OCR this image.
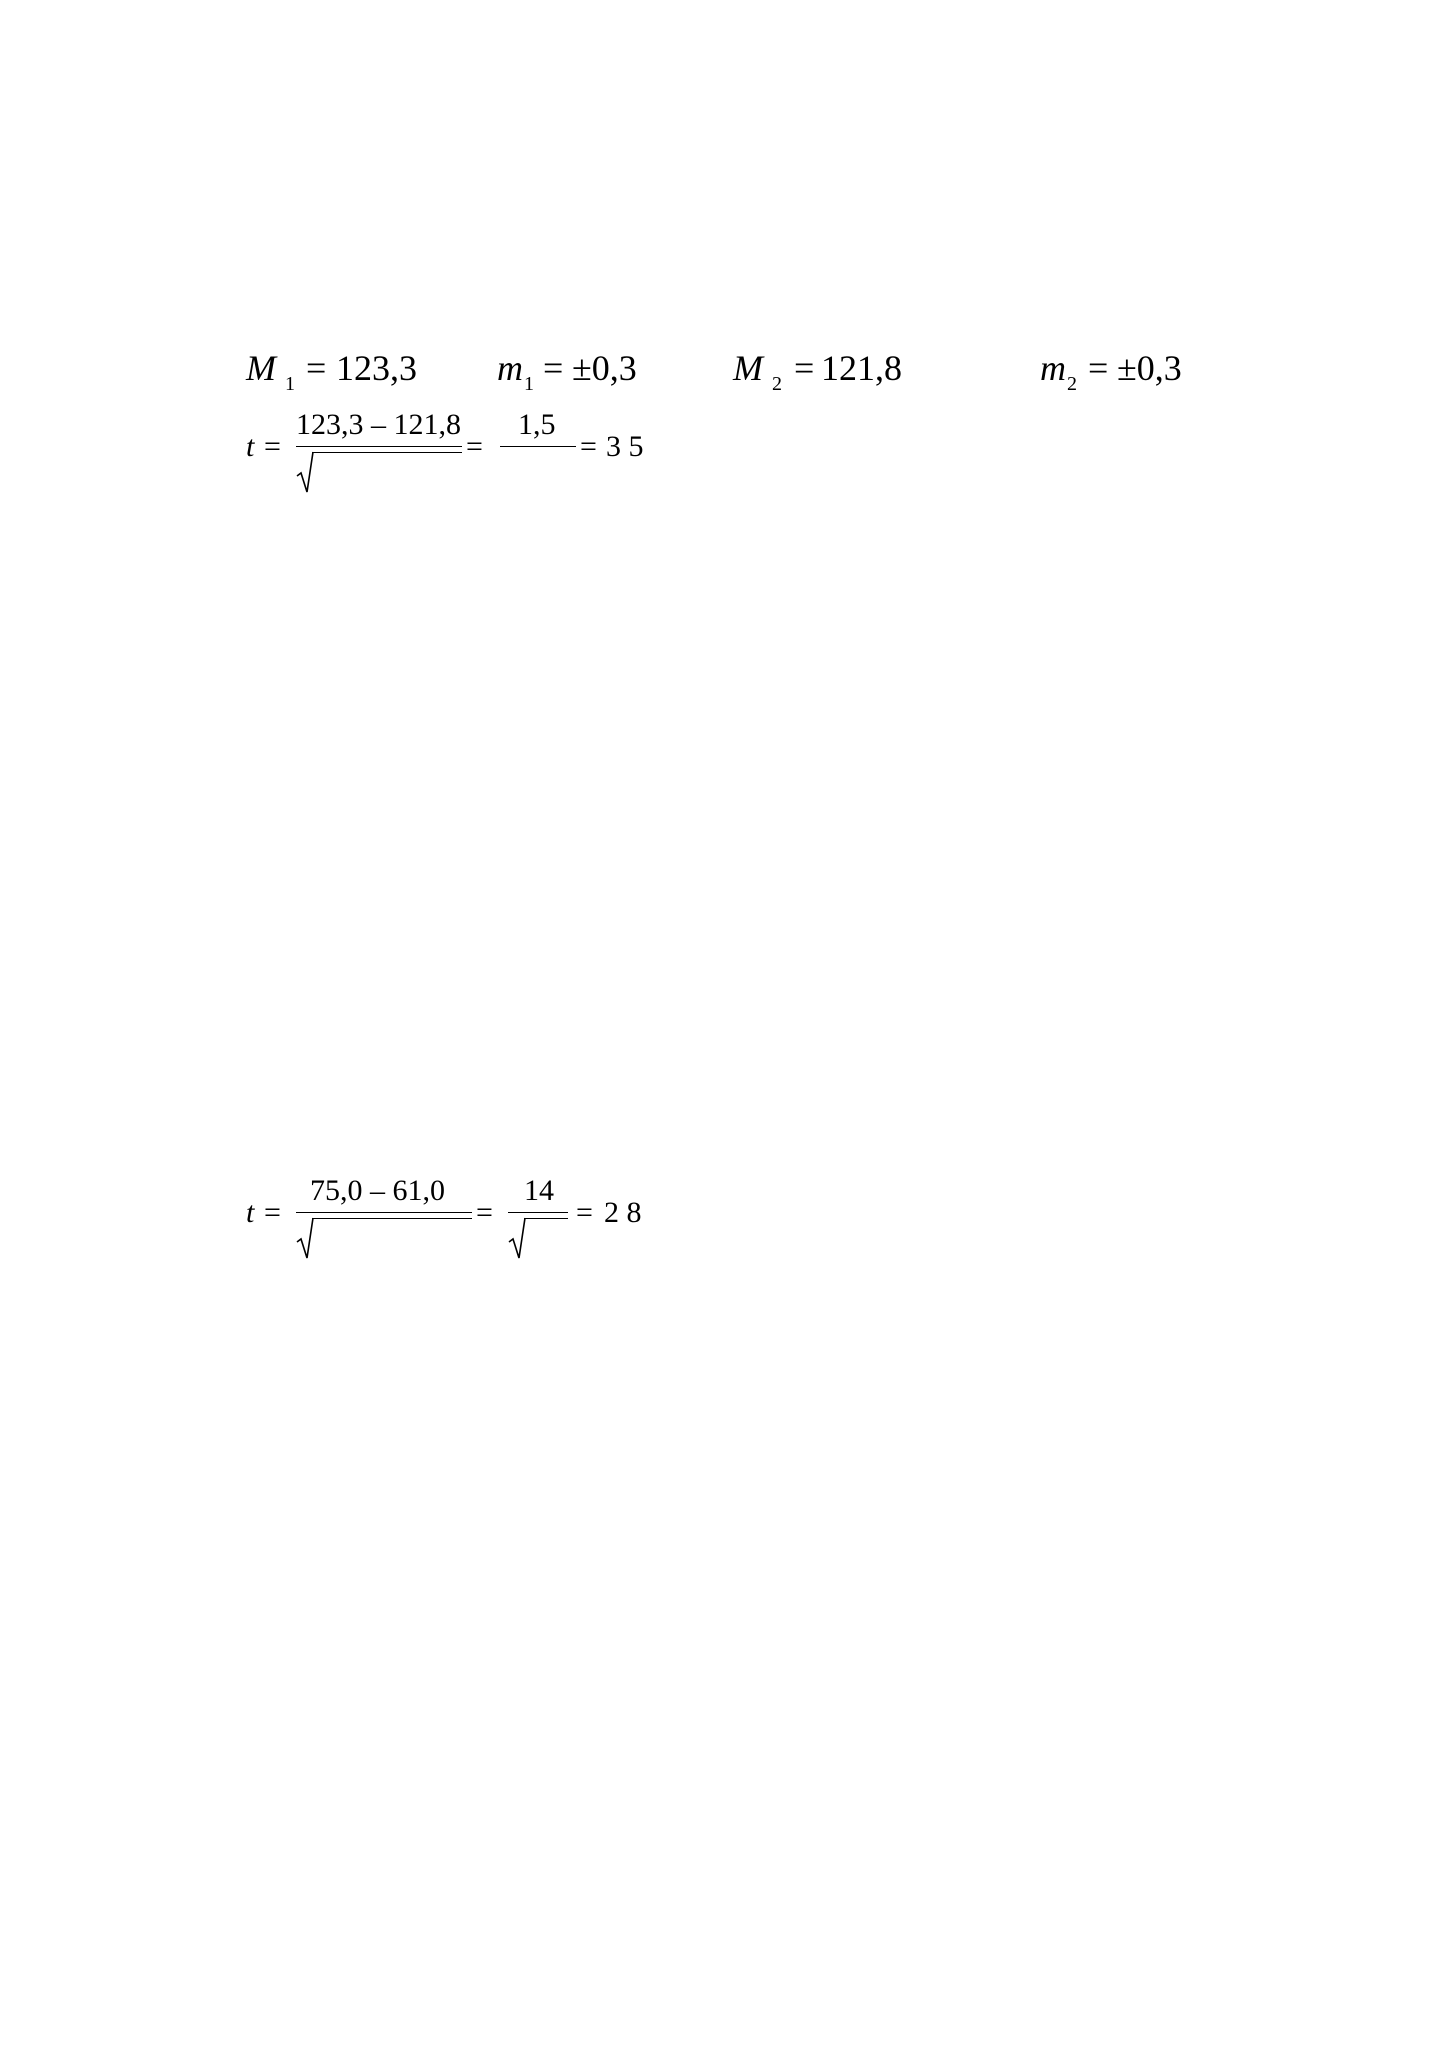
M 1 = 123,3 m 1 = ±0,3	M 2 = 121,8	m 2 = ±0,3
t =
123,3 – 121,8
=
1,5
= 3 5
t =
75,0 – 61,0
=
14
= 2 8
